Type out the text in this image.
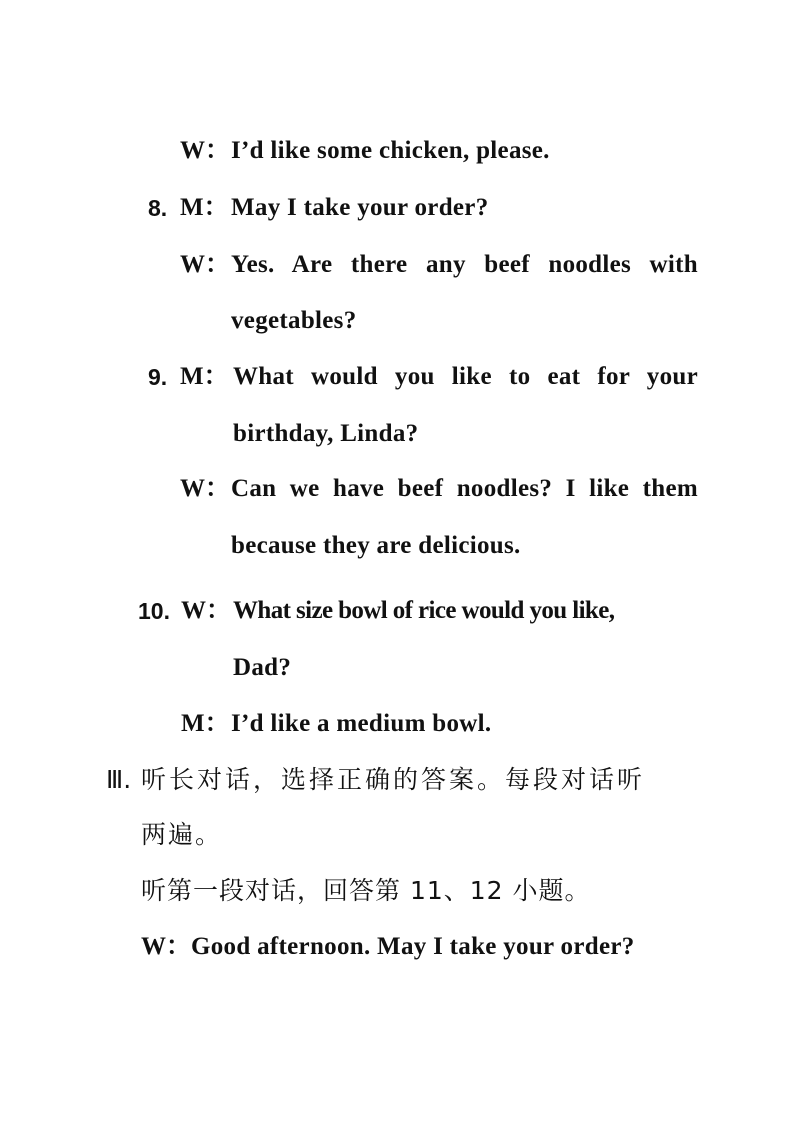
W： I’d like some chicken, please.
8. M： May I take your order?
W： Yes. Are there any beef noodles with
vegetables?
9. M： What would you like to eat for your
birthday, Linda?
W： Can we have beef noodles? I like them
because they are delicious.
10. W： What size bowl of rice would you like,
Dad?
M： I’d like a medium bowl.
Ⅲ. 听长对话，选择正确的答案。每段对话听
两遍。
听第一段对话，回答第 11、12 小题。
W： Good afternoon. May I take your order?
